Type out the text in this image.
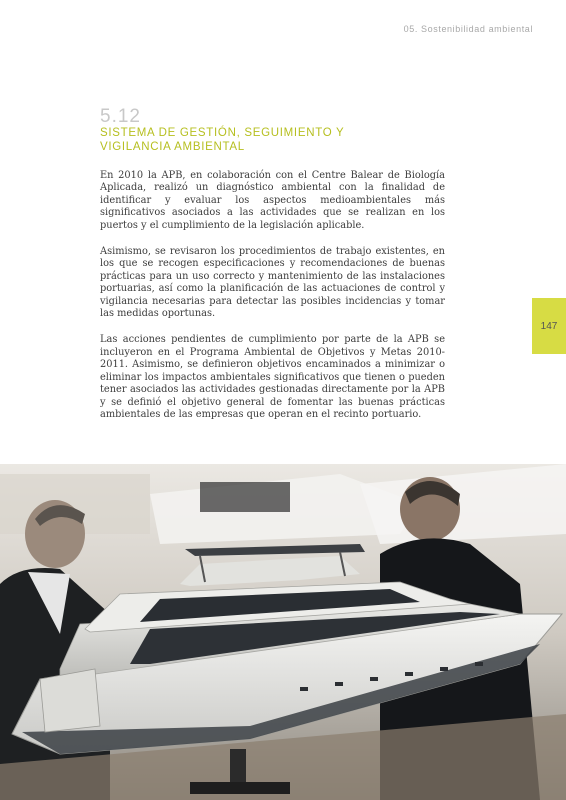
05. Sostenibilidad ambiental
5.12
SISTEMA DE GESTIÓN, SEGUIMIENTO Y VIGILANCIA AMBIENTAL

En 2010 la APB, en colaboración con el Centre Balear de Biología Aplicada, realizó un diagnóstico ambiental con la finalidad de identificar y evaluar los aspectos medioambientales más significativos asociados a las actividades que se realizan en los puertos y el cumplimiento de la legislación aplicable.

Asimismo, se revisaron los procedimientos de trabajo existentes, en los que se recogen especificaciones y recomendaciones de buenas prácticas para un uso correcto y mantenimiento de las instalaciones portuarias, así como la planificación de las actuaciones de control y vigilancia necesarias para detectar las posibles incidencias y tomar las medidas oportunas.

Las acciones pendientes de cumplimiento por parte de la APB se incluyeron en el Programa Ambiental de Objetivos y Metas 2010-2011. Asimismo, se definieron objetivos encaminados a minimizar o eliminar los impactos ambientales significativos que tienen o pueden tener asociados las actividades gestionadas directamente por la APB y se definió el objetivo general de fomentar las buenas prácticas ambientales de las empresas que operan en el recinto portuario.

147
